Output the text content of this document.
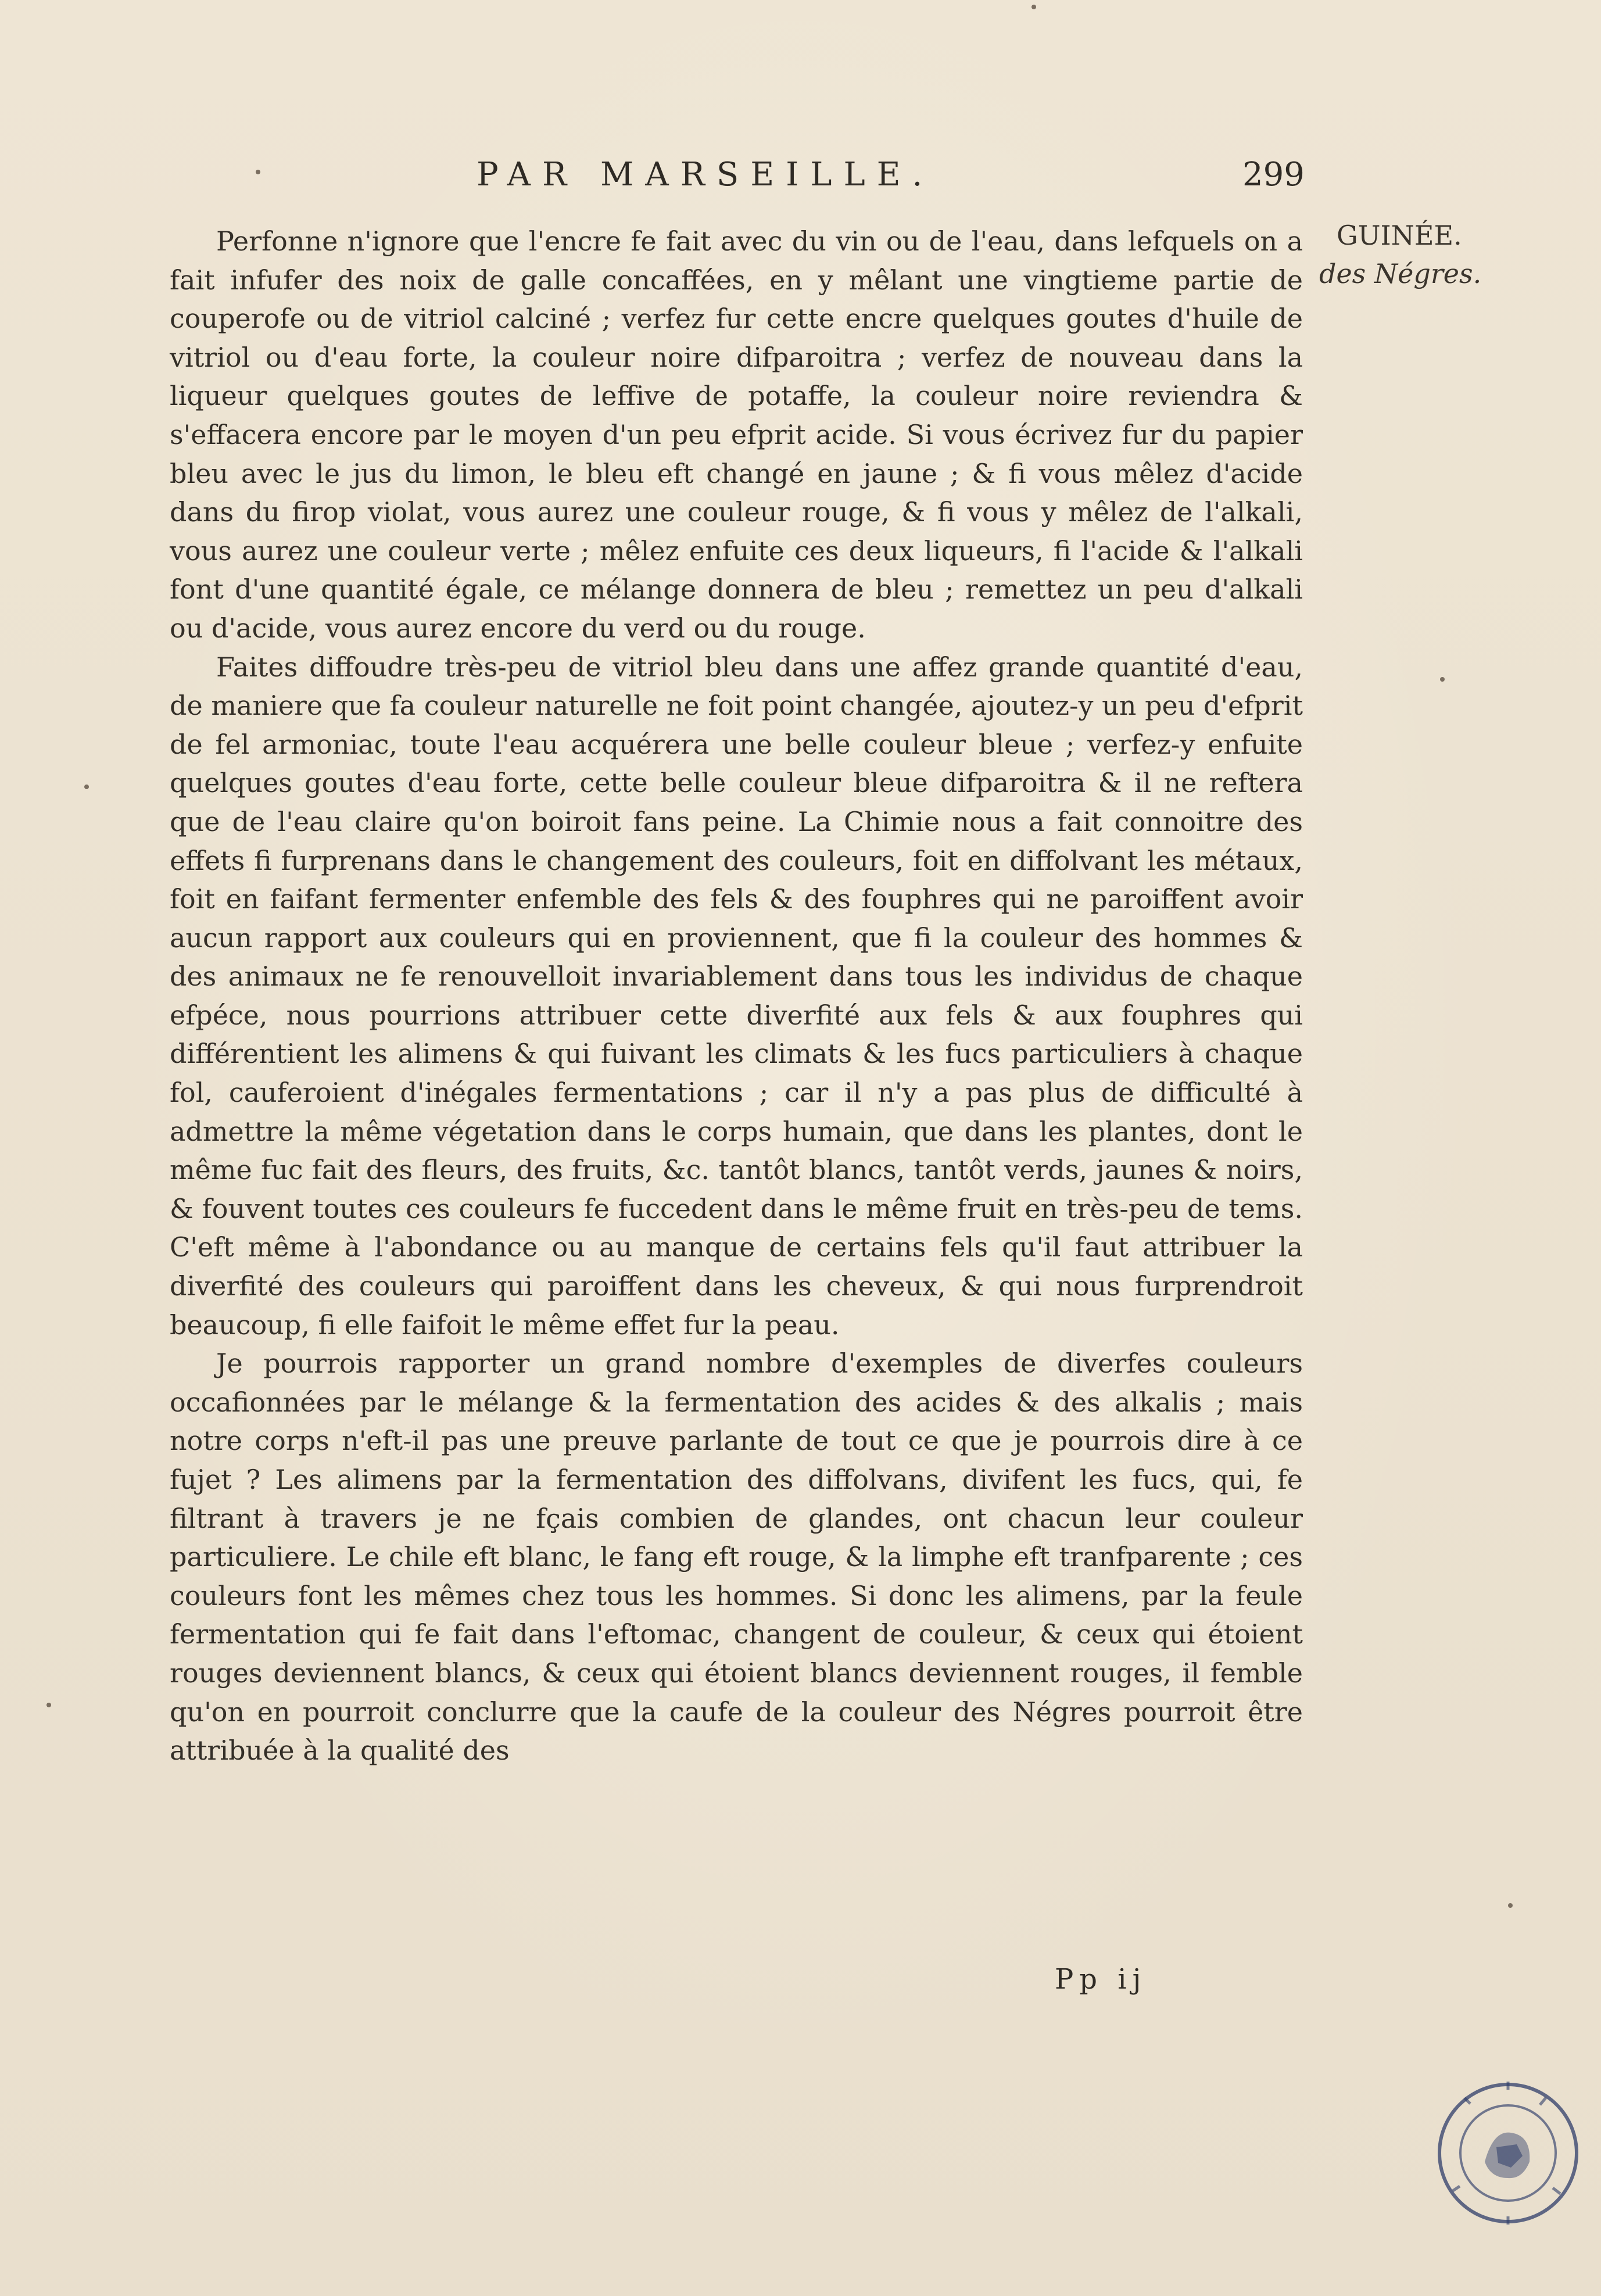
PAR MARSEILLE.	299
GUINÉE.
des Négres.

Perfonne n'ignore que l'encre fe fait avec du vin ou de l'eau, dans lefquels on a fait infufer des noix de galle concaffées, en y mêlant une vingtieme partie de couperofe ou de vitriol calciné ; verfez fur cette encre quelques goutes d'huile de vitriol ou d'eau forte, la couleur noire difparoitra ; verfez de nouveau dans la liqueur quelques goutes de leffive de potaffe, la couleur noire reviendra & s'effacera encore par le moyen d'un peu efprit acide. Si vous écrivez fur du papier bleu avec le jus du limon, le bleu eft changé en jaune ; & fi vous mêlez d'acide dans du firop violat, vous aurez une couleur rouge, & fi vous y mêlez de l'alkali, vous aurez une couleur verte ; mêlez enfuite ces deux liqueurs, fi l'acide & l'alkali font d'une quantité égale, ce mélange donnera de bleu ; remettez un peu d'alkali ou d'acide, vous aurez encore du verd ou du rouge.

Faites diffoudre très-peu de vitriol bleu dans une affez grande quantité d'eau, de maniere que fa couleur naturelle ne foit point changée, ajoutez-y un peu d'efprit de fel armoniac, toute l'eau acquérera une belle couleur bleue ; verfez-y enfuite quelques goutes d'eau forte, cette belle couleur bleue difparoitra & il ne reftera que de l'eau claire qu'on boiroit fans peine. La Chimie nous a fait connoitre des effets fi furprenans dans le changement des couleurs, foit en diffolvant les métaux, foit en faifant fermenter enfemble des fels & des fouphres qui ne paroiffent avoir aucun rapport aux couleurs qui en proviennent, que fi la couleur des hommes & des animaux ne fe renouvelloit invariablement dans tous les individus de chaque efpéce, nous pourrions attribuer cette diverfité aux fels & aux fouphres qui différentient les alimens & qui fuivant les climats & les fucs particuliers à chaque fol, cauferoient d'inégales fermentations ; car il n'y a pas plus de difficulté à admettre la même végetation dans le corps humain, que dans les plantes, dont le même fuc fait des fleurs, des fruits, &c. tantôt blancs, tantôt verds, jaunes & noirs, & fouvent toutes ces couleurs fe fuccedent dans le même fruit en très-peu de tems. C'eft même à l'abondance ou au manque de certains fels qu'il faut attribuer la diverfité des couleurs qui paroiffent dans les cheveux, & qui nous furprendroit beaucoup, fi elle faifoit le même effet fur la peau.

Je pourrois rapporter un grand nombre d'exemples de diverfes couleurs occafionnées par le mélange & la fermentation des acides & des alkalis ; mais notre corps n'eft-il pas une preuve parlante de tout ce que je pourrois dire à ce fujet ? Les alimens par la fermentation des diffolvans, divifent les fucs, qui, fe filtrant à travers je ne fçais combien de glandes, ont chacun leur couleur particuliere. Le chile eft blanc, le fang eft rouge, & la limphe eft tranfparente ; ces couleurs font les mêmes chez tous les hommes. Si donc les alimens, par la feule fermentation qui fe fait dans l'eftomac, changent de couleur, & ceux qui étoient rouges deviennent blancs, & ceux qui étoient blancs deviennent rouges, il femble qu'on en pourroit conclurre que la caufe de la couleur des Négres pourroit être attribuée à la qualité des

Pp ij
